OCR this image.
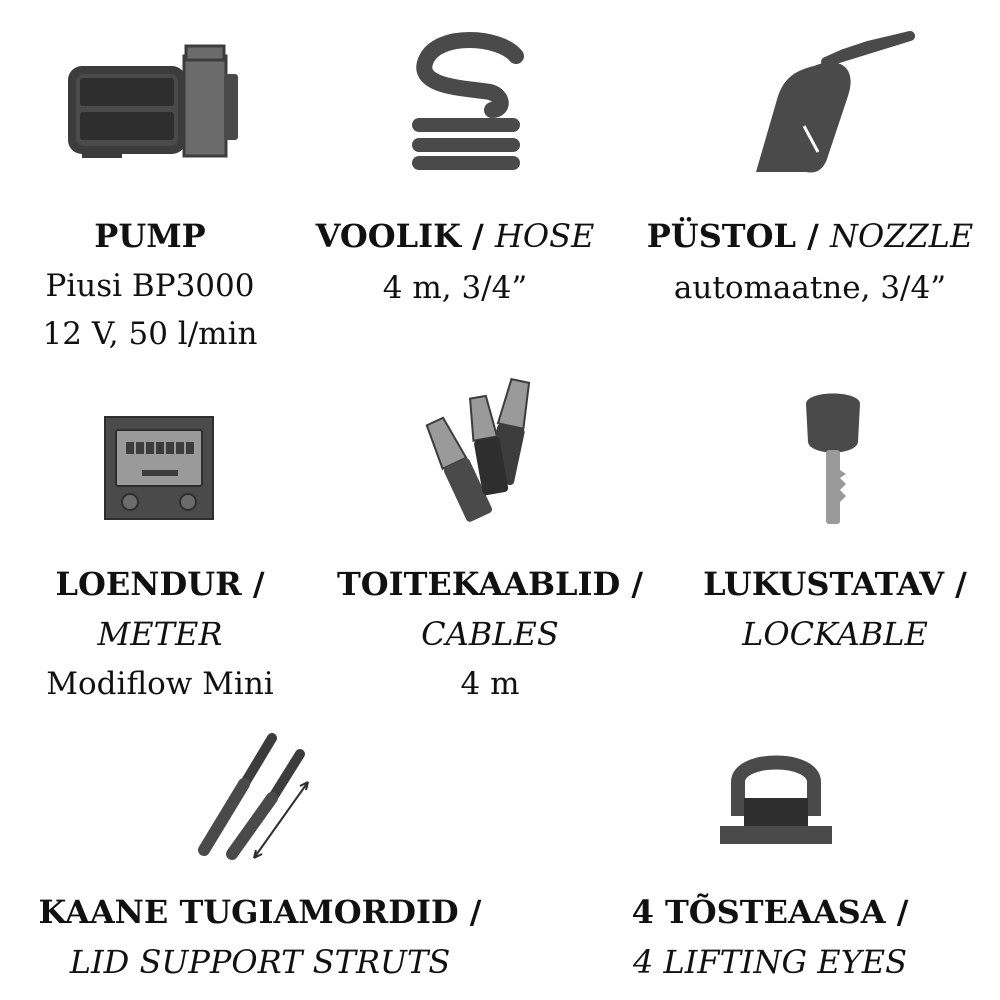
PUMP
Piusi BP3000
12 V, 50 l/min
VOOLIK / HOSE
4 m, 3/4”
PÜSTOL / NOZZLE
automaatne, 3/4”
LOENDUR /
METER
Modiflow Mini
TOITEKAABLID /
CABLES
4 m
LUKUSTATAV /
LOCKABLE
KAANE TUGIAMORDID /
LID SUPPORT STRUTS
4 TÕSTEAASA /
4 LIFTING EYES
